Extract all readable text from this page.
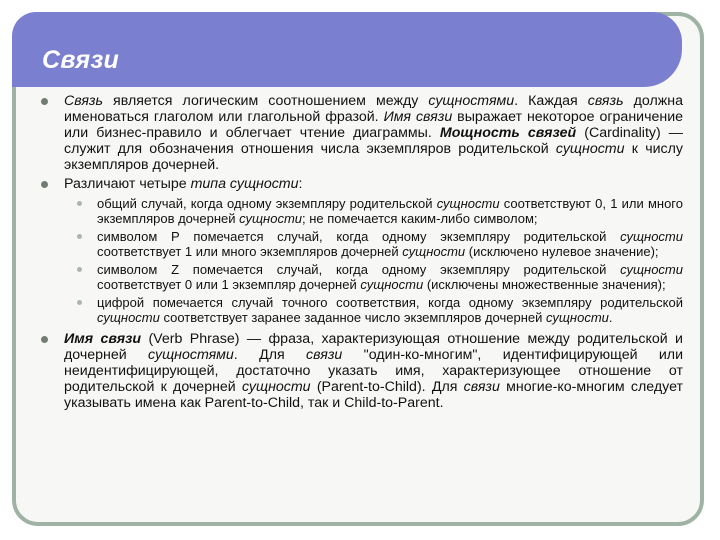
Связи
Связь является логическим соотношением между сущностями. Каждая связь должна именоваться глаголом или глагольной фразой. Имя связи выражает некоторое ограничение или бизнес-правило и облегчает чтение диаграммы. Мощность связей (Cardinality) — служит для обозначения отношения числа экземпляров родительской сущности к числу экземпляров дочерней.
Различают четыре типа сущности:
общий случай, когда одному экземпляру родительской сущности соответствуют 0, 1 или много экземпляров дочерней сущности; не помечается каким-либо символом;
символом Р помечается случай, когда одному экземпляру родительской сущности соответствует 1 или много экземпляров дочерней сущности (исключено нулевое значение);
символом Z помечается случай, когда одному экземпляру родительской сущности соответствует 0 или 1 экземпляр дочерней сущности (исключены множественные значения);
цифрой помечается случай точного соответствия, когда одному экземпляру родительской сущности соответствует заранее заданное число экземпляров дочерней сущности.
Имя связи (Verb Phrase) — фраза, характеризующая отношение между родительской и дочерней сущностями. Для связи "один-ко-многим", идентифицирующей или неидентифицирующей, достаточно указать имя, характеризующее отношение от родительской к дочерней сущности (Parent-to-Child). Для связи многие-ко-многим следует указывать имена как Parent-to-Child, так и Child-to-Parent.
